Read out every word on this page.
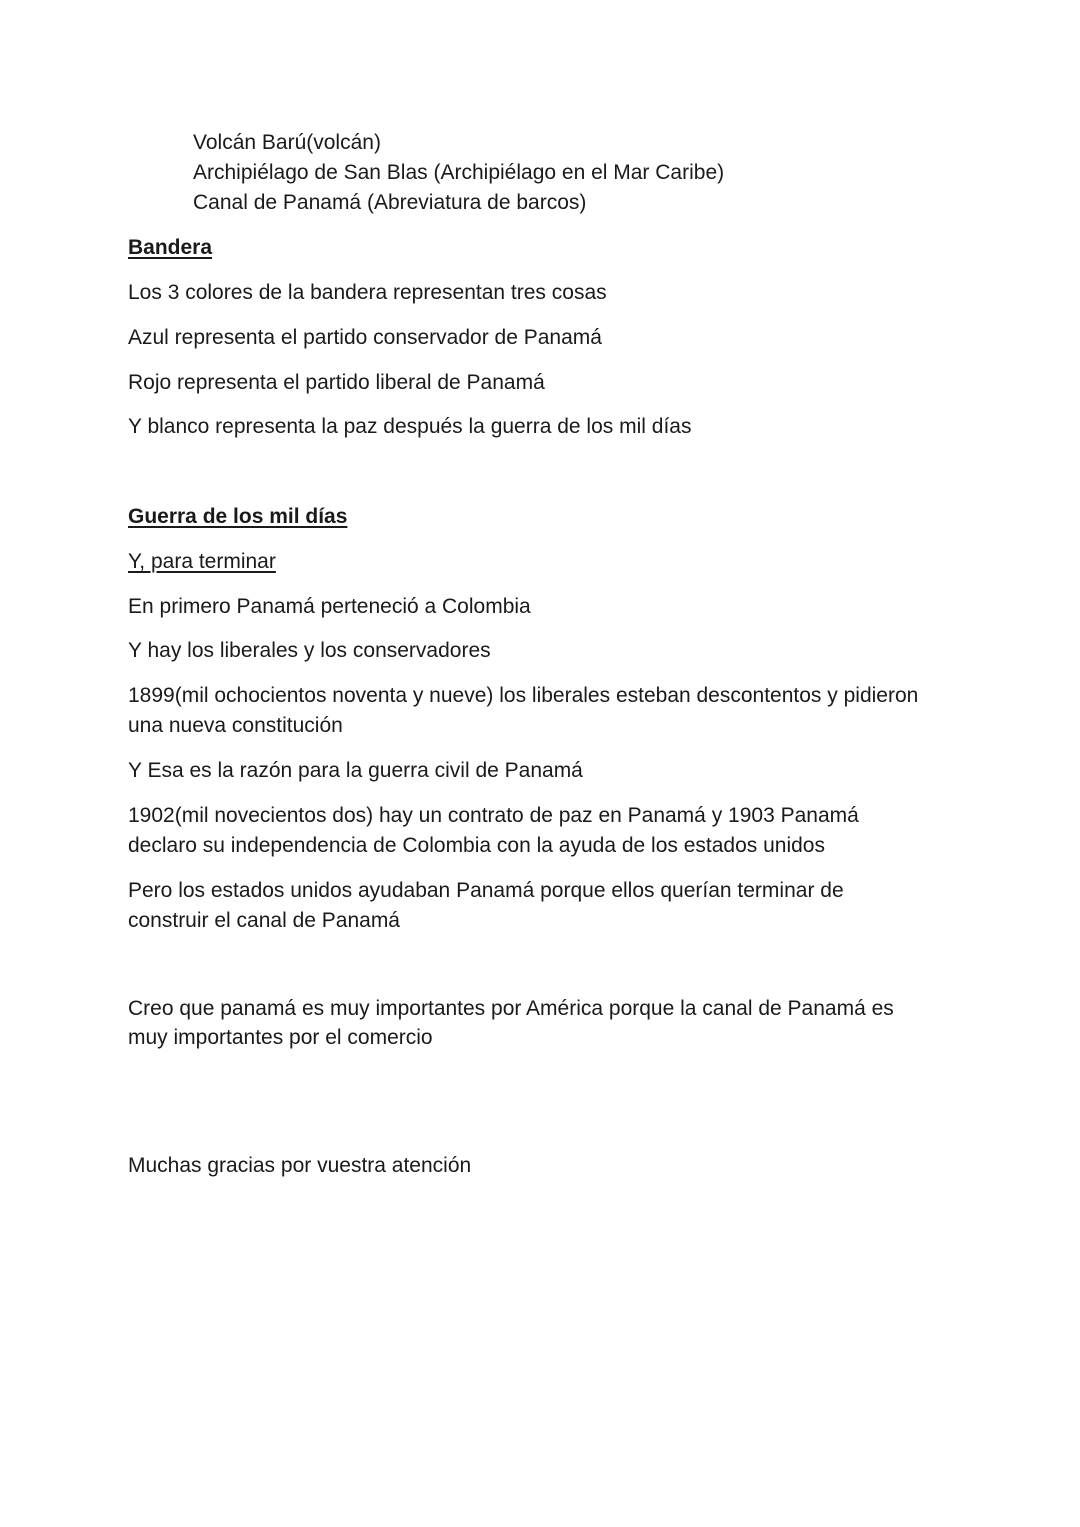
Volcán Barú(volcán)

Archipiélago de San Blas (Archipiélago en el Mar Caribe)

Canal de Panamá (Abreviatura de barcos)

Bandera

Los 3 colores de la bandera representan tres cosas

Azul representa el partido conservador de Panamá

Rojo representa el partido liberal de Panamá

Y blanco representa la paz después la guerra de los mil días

Guerra de los mil días

Y, para terminar

En primero Panamá perteneció a Colombia

Y hay los liberales y los conservadores

1899(mil ochocientos noventa y nueve) los liberales esteban descontentos y pidieron

una nueva constitución

Y Esa es la razón para la guerra civil de Panamá

1902(mil novecientos dos) hay un contrato de paz en Panamá y 1903 Panamá

declaro su independencia de Colombia con la ayuda de los estados unidos

Pero los estados unidos ayudaban Panamá porque ellos querían terminar de

construir el canal de Panamá

Creo que panamá es muy importantes por América porque la canal de Panamá es

muy importantes por el comercio

Muchas gracias por vuestra atención
